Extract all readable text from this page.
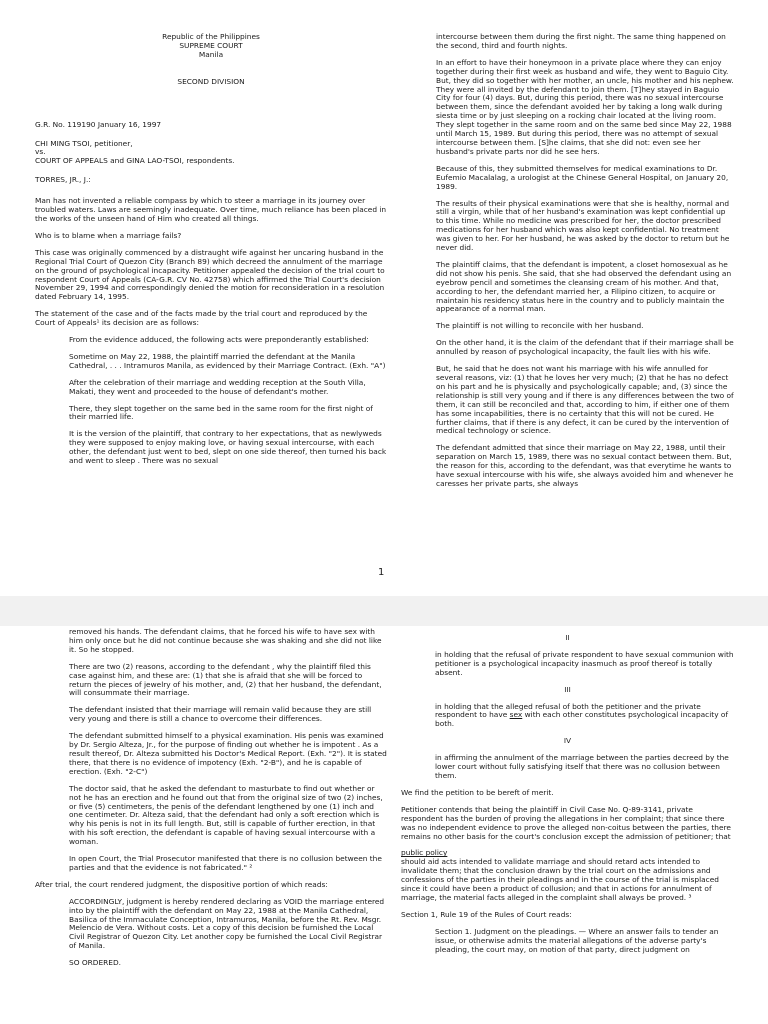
Republic of the Philippines
SUPREME COURT
Manila
SECOND DIVISION
G.R. No. 119190 January 16, 1997
CHI MING TSOI, petitioner,
vs.
COURT OF APPEALS and GINA LAO-TSOI, respondents.
TORRES, JR., J.:

Man has not invented a reliable compass by which to steer a marriage in its journey over troubled waters. Laws are seemingly inadequate. Over time, much reliance has been placed in the works of the unseen hand of Him who created all things.

Who is to blame when a marriage fails?

This case was originally commenced by a distraught wife against her uncaring husband in the Regional Trial Court of Quezon City (Branch 89) which decreed the annulment of the marriage on the ground of psychological incapacity. Petitioner appealed the decision of the trial court to respondent Court of Appeals (CA-G.R. CV No. 42758) which affirmed the Trial Court's decision November 29, 1994 and correspondingly denied the motion for reconsideration in a resolution dated February 14, 1995.

The statement of the case and of the facts made by the trial court and reproduced by the Court of Appeals¹ its decision are as follows:

From the evidence adduced, the following acts were preponderantly established:

Sometime on May 22, 1988, the plaintiff married the defendant at the Manila Cathedral, . . . Intramuros Manila, as evidenced by their Marriage Contract. (Exh. "A")

After the celebration of their marriage and wedding reception at the South Villa, Makati, they went and proceeded to the house of defendant's mother.

There, they slept together on the same bed in the same room for the first night of their married life.

It is the version of the plaintiff, that contrary to her expectations, that as newlyweds they were supposed to enjoy making love, or having sexual intercourse, with each other, the defendant just went to bed, slept on one side thereof, then turned his back and went to sleep . There was no sexual

intercourse between them during the first night. The same thing happened on the second, third and fourth nights.

In an effort to have their honeymoon in a private place where they can enjoy together during their first week as husband and wife, they went to Baguio City. But, they did so together with her mother, an uncle, his mother and his nephew. They were all invited by the defendant to join them. [T]hey stayed in Baguio City for four (4) days. But, during this period, there was no sexual intercourse between them, since the defendant avoided her by taking a long walk during siesta time or by just sleeping on a rocking chair located at the living room. They slept together in the same room and on the same bed since May 22, 1988 until March 15, 1989. But during this period, there was no attempt of sexual intercourse between them. [S]he claims, that she did not: even see her husband's private parts nor did he see hers.

Because of this, they submitted themselves for medical examinations to Dr. Eufemio Macalalag, a urologist at the Chinese General Hospital, on January 20, 1989.

The results of their physical examinations were that she is healthy, normal and still a virgin, while that of her husband's examination was kept confidential up to this time. While no medicine was prescribed for her, the doctor prescribed medications for her husband which was also kept confidential. No treatment was given to her. For her husband, he was asked by the doctor to return but he never did.

The plaintiff claims, that the defendant is impotent, a closet homosexual as he did not show his penis. She said, that she had observed the defendant using an eyebrow pencil and sometimes the cleansing cream of his mother. And that, according to her, the defendant married her, a Filipino citizen, to acquire or maintain his residency status here in the country and to publicly maintain the appearance of a normal man.

The plaintiff is not willing to reconcile with her husband.

On the other hand, it is the claim of the defendant that if their marriage shall be annulled by reason of psychological incapacity, the fault lies with his wife.

But, he said that he does not want his marriage with his wife annulled for several reasons, viz: (1) that he loves her very much; (2) that he has no defect on his part and he is physically and psychologically capable; and, (3) since the relationship is still very young and if there is any differences between the two of them, it can still be reconciled and that, according to him, if either one of them has some incapabilities, there is no certainty that this will not be cured. He further claims, that if there is any defect, it can be cured by the intervention of medical technology or science.

The defendant admitted that since their marriage on May 22, 1988, until their separation on March 15, 1989, there was no sexual contact between them. But, the reason for this, according to the defendant, was that everytime he wants to have sexual intercourse with his wife, she always avoided him and whenever he caresses her private parts, she always

1

removed his hands. The defendant claims, that he forced his wife to have sex with him only once but he did not continue because she was shaking and she did not like it. So he stopped.

There are two (2) reasons, according to the defendant , why the plaintiff filed this case against him, and these are: (1) that she is afraid that she will be forced to return the pieces of jewelry of his mother, and, (2) that her husband, the defendant, will consummate their marriage.

The defendant insisted that their marriage will remain valid because they are still very young and there is still a chance to overcome their differences.

The defendant submitted himself to a physical examination. His penis was examined by Dr. Sergio Alteza, Jr., for the purpose of finding out whether he is impotent . As a result thereof, Dr. Alteza submitted his Doctor's Medical Report. (Exh. "2"). It is stated there, that there is no evidence of impotency (Exh. "2-B"), and he is capable of erection. (Exh. "2-C")

The doctor said, that he asked the defendant to masturbate to find out whether or not he has an erection and he found out that from the original size of two (2) inches, or five (5) centimeters, the penis of the defendant lengthened by one (1) inch and one centimeter. Dr. Alteza said, that the defendant had only a soft erection which is why his penis is not in its full length. But, still is capable of further erection, in that with his soft erection, the defendant is capable of having sexual intercourse with a woman.

In open Court, the Trial Prosecutor manifested that there is no collusion between the parties and that the evidence is not fabricated." ²

After trial, the court rendered judgment, the dispositive portion of which reads:

ACCORDINGLY, judgment is hereby rendered declaring as VOID the marriage entered into by the plaintiff with the defendant on May 22, 1988 at the Manila Cathedral, Basilica of the Immaculate Conception, Intramuros, Manila, before the Rt. Rev. Msgr. Melencio de Vera. Without costs. Let a copy of this decision be furnished the Local Civil Registrar of Quezon City. Let another copy be furnished the Local Civil Registrar of Manila.

SO ORDERED.

II

in holding that the refusal of private respondent to have sexual communion with petitioner is a psychological incapacity inasmuch as proof thereof is totally absent.

III

in holding that the alleged refusal of both the petitioner and the private respondent to have sex with each other constitutes psychological incapacity of both.

IV

in affirming the annulment of the marriage between the parties decreed by the lower court without fully satisfying itself that there was no collusion between them.

We find the petition to be bereft of merit.

Petitioner contends that being the plaintiff in Civil Case No. Q-89-3141, private respondent has the burden of proving the allegations in her complaint; that since there was no independent evidence to prove the alleged non-coitus between the parties, there remains no other basis for the court's conclusion except the admission of petitioner; that

public policy

should aid acts intended to validate marriage and should retard acts intended to invalidate them; that the conclusion drawn by the trial court on the admissions and confessions of the parties in their pleadings and in the course of the trial is misplaced since it could have been a product of collusion; and that in actions for annulment of marriage, the material facts alleged in the complaint shall always be proved. ³

Section 1, Rule 19 of the Rules of Court reads:

Section 1. Judgment on the pleadings. — Where an answer fails to tender an issue, or otherwise admits the material allegations of the adverse party's pleading, the court may, on motion of that party, direct judgment on
